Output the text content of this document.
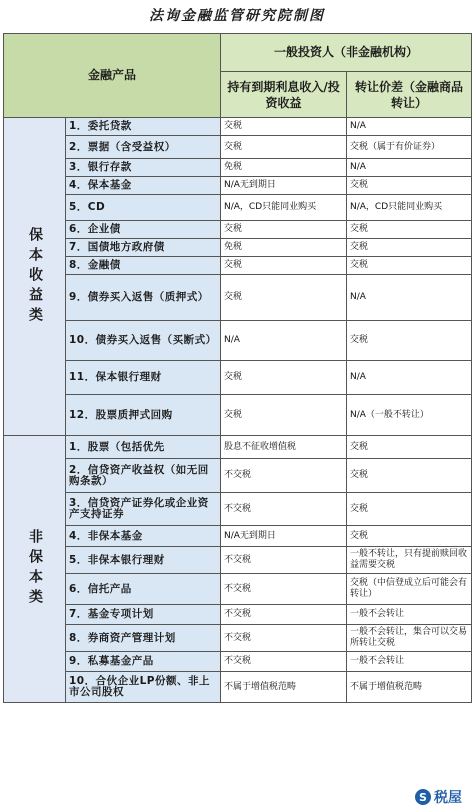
法询金融监管研究院制图
金融产品		一般投资人（非金融机构）	
		持有到期利息收入/投资收益	转让价差（金融商品转让）
保本收益类	1．委托贷款	交税	N/A
	2．票据（含受益权）	交税	交税（属于有价证券）
	3．银行存款	免税	N/A
	4．保本基金	N/A无到期日	交税
	5．CD	N/A，CD只能同业购买	N/A，CD只能同业购买
	6．企业债	交税	交税
	7．国债地方政府债	免税	交税
	8．金融债	交税	交税
	9．债券买入返售（质押式）	交税	N/A
	10．债券买入返售（买断式）	N/A	交税
	11．保本银行理财	交税	N/A
	12．股票质押式回购	交税	N/A（一般不转让）
非保本类	1．股票（包括优先	股息不征收增值税	交税
	2．信贷资产收益权（如无回购条款）	不交税	交税
	3．信贷资产证券化或企业资产支持证券	不交税	交税
	4．非保本基金	N/A无到期日	交税
	5．非保本银行理财	不交税	一般不转让，只有提前赎回收益需要交税
	6．信托产品	不交税	交税（中信登成立后可能会有转让）
	7．基金专项计划	不交税	一般不会转让
	8．券商资产管理计划	不交税	一般不会转让，集合可以交易所转让交税
	9．私募基金产品	不交税	一般不会转让
	10．合伙企业LP份额、非上市公司股权	不属于增值税范畴	不属于增值税范畴
S 税屋
